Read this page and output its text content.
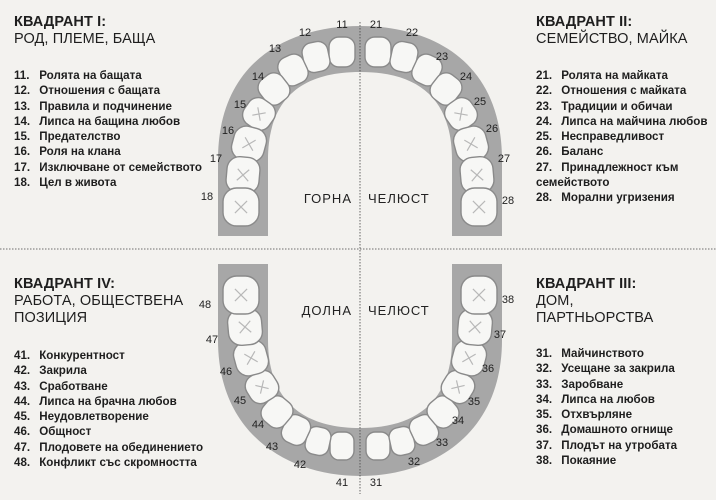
11
12
13
14
15
16
17
18
21
22
23
24
25
26
27
28
31
32
33
34
35
36
37
38
41
42
43
44
45
46
47
48
ГОРНА ЧЕЛЮСТ
ДОЛНА ЧЕЛЮСТ
КВАДРАНТ I:
РОД, ПЛЕМЕ, БАЩА
11. Ролята на бащата
12. Отношения с бащата
13. Правила и подчинение
14. Липса на бащина любов
15. Предателство
16. Роля на клана
17. Изключване от семейството
18. Цел в живота
КВАДРАНТ II:
СЕМЕЙСТВО, МАЙКА
21. Ролята на майката
22. Отношения с майката
23. Традиции и обичаи
24. Липса на майчина любов
25. Несправедливост
26. Баланс
27. Принадлежност към семейството
28. Морални угризения
КВАДРАНТ III:
ДОМ,
ПАРТНЬОРСТВА
31. Майчинството
32. Усещане за закрила
33. Заробване
34. Липса на любов
35. Отхвърляне
36. Домашното огнище
37. Плодът на утробата
38. Покаяние
КВАДРАНТ IV:
РАБОТА, ОБЩЕСТВЕНА
ПОЗИЦИЯ
41. Конкурентност
42. Закрила
43. Сработване
44. Липса на брачна любов
45. Неудовлетворение
46. Общност
47. Плодовете на обединението
48. Конфликт със скромността
